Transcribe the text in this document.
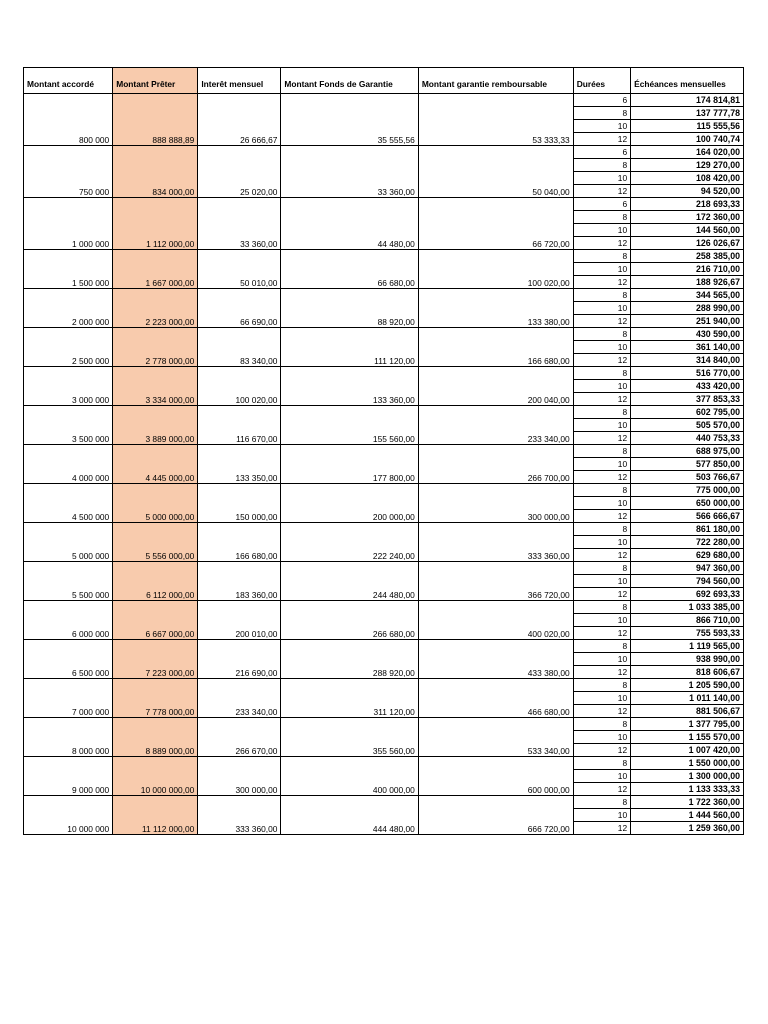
Montant accordé	Montant Prêter	Interêt mensuel	Montant Fonds de Garantie	Montant garantie remboursable	Durées	Échéances mensuelles
800 000	888 888,89	26 666,67	35 555,56	53 333,33	6	174 814,81
					8	137 777,78
					10	115 555,56
					12	100 740,74
750 000	834 000,00	25 020,00	33 360,00	50 040,00	6	164 020,00
					8	129 270,00
					10	108 420,00
					12	94 520,00
1 000 000	1 112 000,00	33 360,00	44 480,00	66 720,00	6	218 693,33
					8	172 360,00
					10	144 560,00
					12	126 026,67
1 500 000	1 667 000,00	50 010,00	66 680,00	100 020,00	8	258 385,00
					10	216 710,00
					12	188 926,67
2 000 000	2 223 000,00	66 690,00	88 920,00	133 380,00	8	344 565,00
					10	288 990,00
					12	251 940,00
2 500 000	2 778 000,00	83 340,00	111 120,00	166 680,00	8	430 590,00
					10	361 140,00
					12	314 840,00
3 000 000	3 334 000,00	100 020,00	133 360,00	200 040,00	8	516 770,00
					10	433 420,00
					12	377 853,33
3 500 000	3 889 000,00	116 670,00	155 560,00	233 340,00	8	602 795,00
					10	505 570,00
					12	440 753,33
4 000 000	4 445 000,00	133 350,00	177 800,00	266 700,00	8	688 975,00
					10	577 850,00
					12	503 766,67
4 500 000	5 000 000,00	150 000,00	200 000,00	300 000,00	8	775 000,00
					10	650 000,00
					12	566 666,67
5 000 000	5 556 000,00	166 680,00	222 240,00	333 360,00	8	861 180,00
					10	722 280,00
					12	629 680,00
5 500 000	6 112 000,00	183 360,00	244 480,00	366 720,00	8	947 360,00
					10	794 560,00
					12	692 693,33
6 000 000	6 667 000,00	200 010,00	266 680,00	400 020,00	8	1 033 385,00
					10	866 710,00
					12	755 593,33
6 500 000	7 223 000,00	216 690,00	288 920,00	433 380,00	8	1 119 565,00
					10	938 990,00
					12	818 606,67
7 000 000	7 778 000,00	233 340,00	311 120,00	466 680,00	8	1 205 590,00
					10	1 011 140,00
					12	881 506,67
8 000 000	8 889 000,00	266 670,00	355 560,00	533 340,00	8	1 377 795,00
					10	1 155 570,00
					12	1 007 420,00
9 000 000	10 000 000,00	300 000,00	400 000,00	600 000,00	8	1 550 000,00
					10	1 300 000,00
					12	1 133 333,33
10 000 000	11 112 000,00	333 360,00	444 480,00	666 720,00	8	1 722 360,00
					10	1 444 560,00
					12	1 259 360,00
